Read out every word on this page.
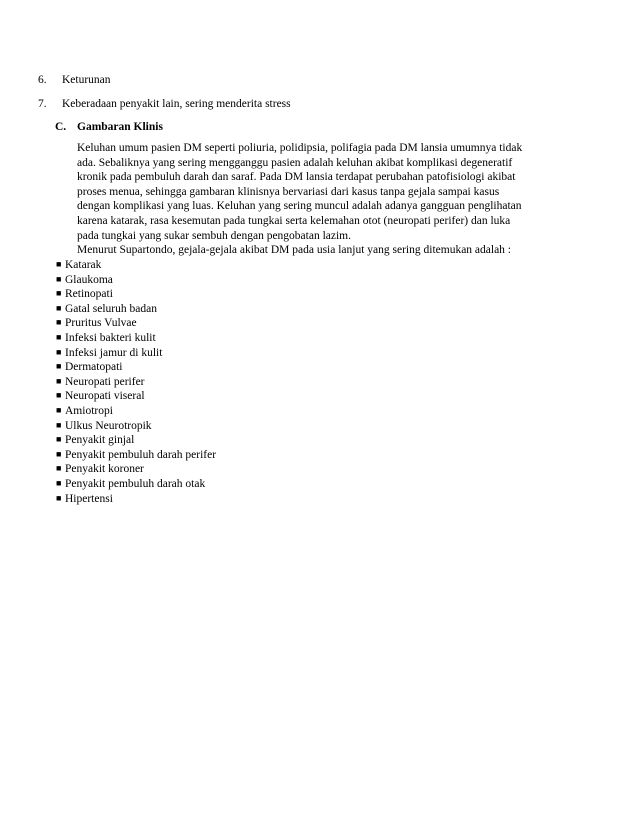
6. Keturunan
7. Keberadaan penyakit lain, sering menderita stress
C. Gambaran Klinis
Keluhan umum pasien DM seperti poliuria, polidipsia, polifagia pada DM lansia umumnya tidak
ada. Sebaliknya yang sering mengganggu pasien adalah keluhan akibat komplikasi degeneratif
kronik pada pembuluh darah dan saraf. Pada DM lansia terdapat perubahan patofisiologi akibat
proses menua, sehingga gambaran klinisnya bervariasi dari kasus tanpa gejala sampai kasus
dengan komplikasi yang luas. Keluhan yang sering muncul adalah adanya gangguan penglihatan
karena katarak, rasa kesemutan pada tungkai serta kelemahan otot (neuropati perifer) dan luka
pada tungkai yang sukar sembuh dengan pengobatan lazim.
Menurut Supartondo, gejala-gejala akibat DM pada usia lanjut yang sering ditemukan adalah :
■ Katarak
■ Glaukoma
■ Retinopati
■ Gatal seluruh badan
■ Pruritus Vulvae
■ Infeksi bakteri kulit
■ Infeksi jamur di kulit
■ Dermatopati
■ Neuropati perifer
■ Neuropati viseral
■ Amiotropi
■ Ulkus Neurotropik
■ Penyakit ginjal
■ Penyakit pembuluh darah perifer
■ Penyakit koroner
■ Penyakit pembuluh darah otak
■ Hipertensi
